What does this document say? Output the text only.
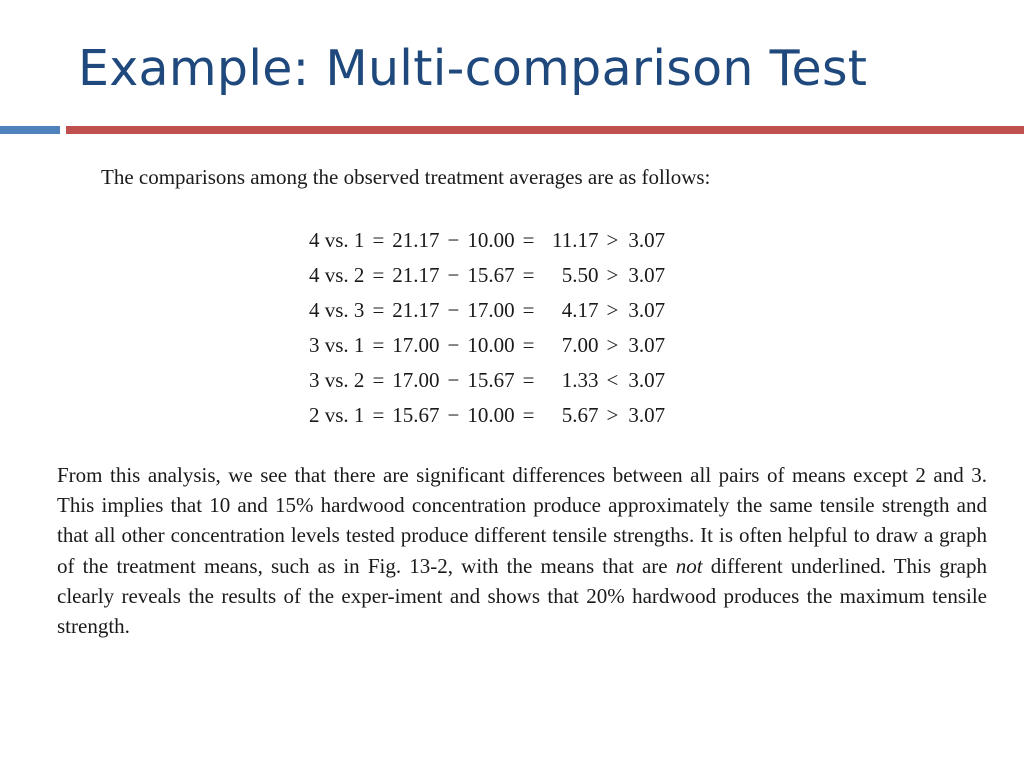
Example: Multi-comparison Test
The comparisons among the observed treatment averages are as follows:
4 vs. 1	=	21.17	−	10.00	=	11.17	>	3.07
4 vs. 2	=	21.17	−	15.67	=	5.50	>	3.07
4 vs. 3	=	21.17	−	17.00	=	4.17	>	3.07
3 vs. 1	=	17.00	−	10.00	=	7.00	>	3.07
3 vs. 2	=	17.00	−	15.67	=	1.33	<	3.07
2 vs. 1	=	15.67	−	10.00	=	5.67	>	3.07
From this analysis, we see that there are significant differences between all pairs of means except 2 and 3. This implies that 10 and 15% hardwood concentration produce approximately the same tensile strength and that all other concentration levels tested produce different tensile strengths. It is often helpful to draw a graph of the treatment means, such as in Fig. 13-2, with the means that are not different underlined. This graph clearly reveals the results of the exper-iment and shows that 20% hardwood produces the maximum tensile strength.
